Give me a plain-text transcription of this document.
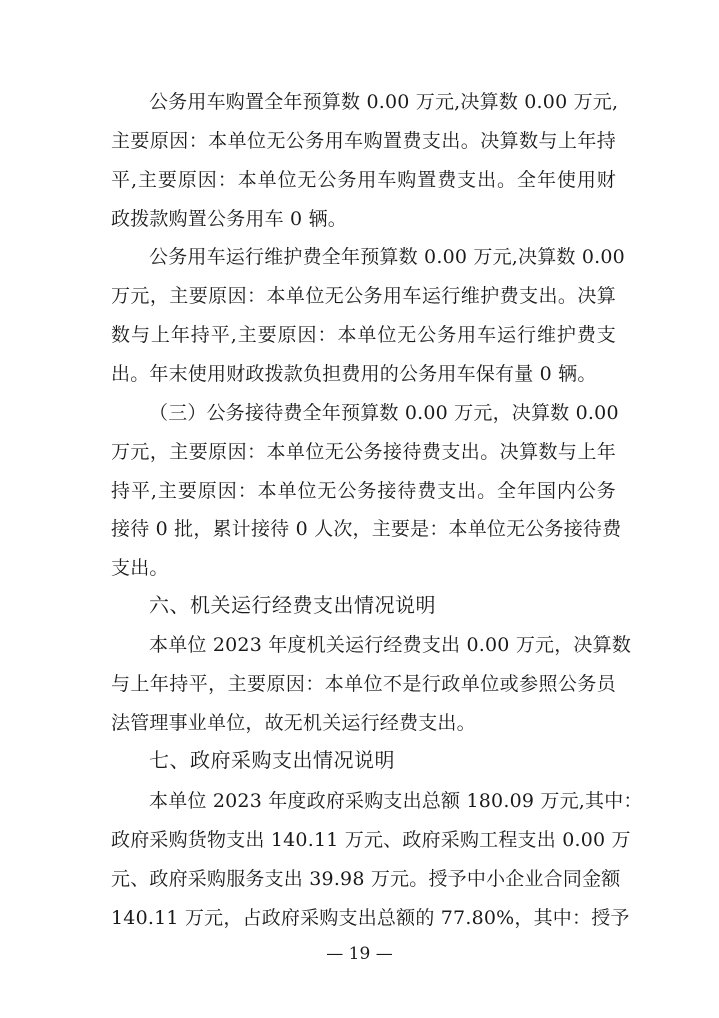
公务用车购置全年预算数 0.00 万元,决算数 0.00 万元,
主要原因：本单位无公务用车购置费支出。决算数与上年持
平,主要原因：本单位无公务用车购置费支出。全年使用财
政拨款购置公务用车 0 辆。
公务用车运行维护费全年预算数 0.00 万元,决算数 0.00
万元，主要原因：本单位无公务用车运行维护费支出。决算
数与上年持平,主要原因：本单位无公务用车运行维护费支
出。年末使用财政拨款负担费用的公务用车保有量 0 辆。
（三）公务接待费全年预算数 0.00 万元，决算数 0.00
万元，主要原因：本单位无公务接待费支出。决算数与上年
持平,主要原因：本单位无公务接待费支出。全年国内公务
接待 0 批，累计接待 0 人次，主要是：本单位无公务接待费
支出。
六、机关运行经费支出情况说明
本单位 2023 年度机关运行经费支出 0.00 万元，决算数
与上年持平，主要原因：本单位不是行政单位或参照公务员
法管理事业单位，故无机关运行经费支出。
七、政府采购支出情况说明
本单位 2023 年度政府采购支出总额 180.09 万元,其中：
政府采购货物支出 140.11 万元、政府采购工程支出 0.00 万
元、政府采购服务支出 39.98 万元。授予中小企业合同金额
140.11 万元，占政府采购支出总额的 77.80%，其中：授予
— 19 —
